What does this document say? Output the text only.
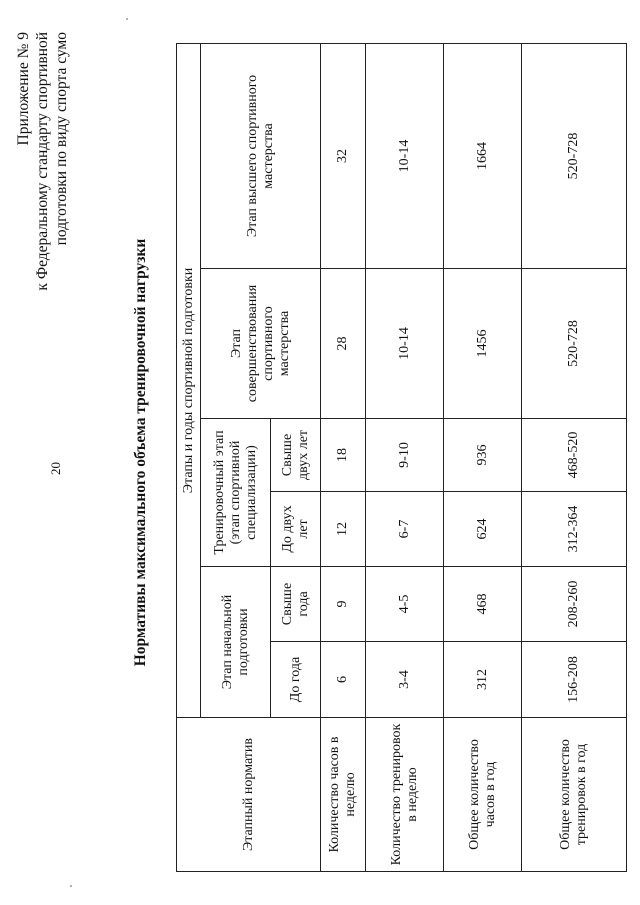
20
Приложение № 9 к Федеральному стандарту спортивной подготовки по виду спорта сумо
Нормативы максимального объема тренировочной нагрузки
Этапный норматив	Этапы и годы спортивной подготовки					
	Этап начальной подготовки		Тренировочный этап (этап спортивной специализации)		Этап совершенствования спортивного мастерства	Этап высшего спортивного мастерства
	До года	Свыше года	До двух лет	Свыше двух лет		
Количество часов в неделю	6	9	12	18	28	32
Количество тренировок в неделю	3-4	4-5	6-7	9-10	10-14	10-14
Общее количество часов в год	312	468	624	936	1456	1664
Общее количество тренировок в год	156-208	208-260	312-364	468-520	520-728	520-728
